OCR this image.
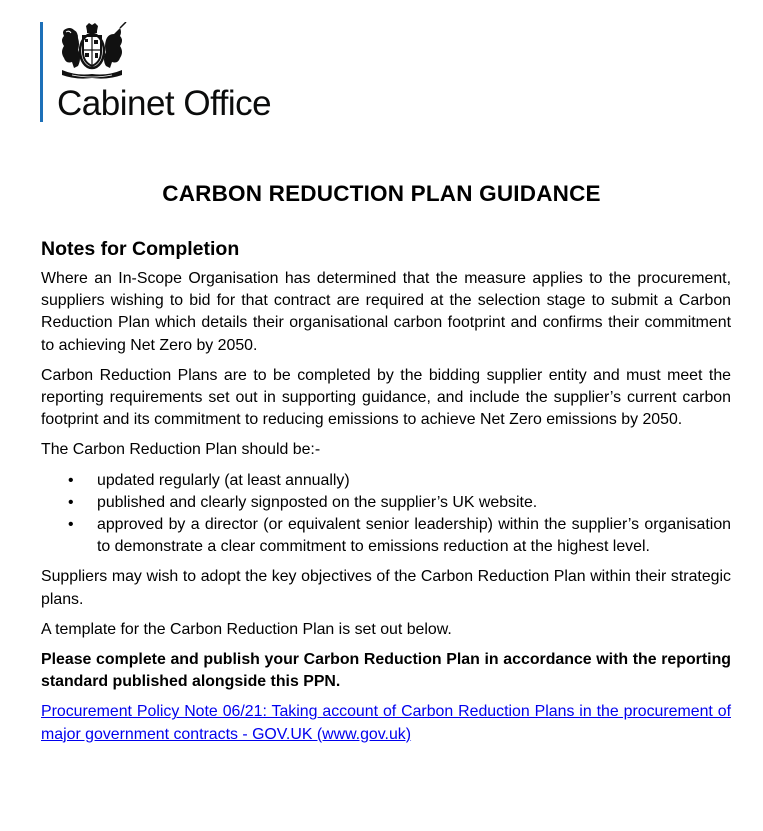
Cabinet Office
CARBON REDUCTION PLAN GUIDANCE
Notes for Completion

Where an In-Scope Organisation has determined that the measure applies to the procurement, suppliers wishing to bid for that contract are required at the selection stage to submit a Carbon Reduction Plan which details their organisational carbon footprint and confirms their commitment to achieving Net Zero by 2050.

Carbon Reduction Plans are to be completed by the bidding supplier entity and must meet the reporting requirements set out in supporting guidance, and include the supplier’s current carbon footprint and its commitment to reducing emissions to achieve Net Zero emissions by 2050.

The Carbon Reduction Plan should be:-

• updated regularly (at least annually)
• published and clearly signposted on the supplier’s UK website.
• approved by a director (or equivalent senior leadership) within the supplier’s organisation to demonstrate a clear commitment to emissions reduction at the highest level.

Suppliers may wish to adopt the key objectives of the Carbon Reduction Plan within their strategic plans.

A template for the Carbon Reduction Plan is set out below.

Please complete and publish your Carbon Reduction Plan in accordance with the reporting standard published alongside this PPN.

Procurement Policy Note 06/21: Taking account of Carbon Reduction Plans in the procurement of major government contracts - GOV.UK (www.gov.uk)
